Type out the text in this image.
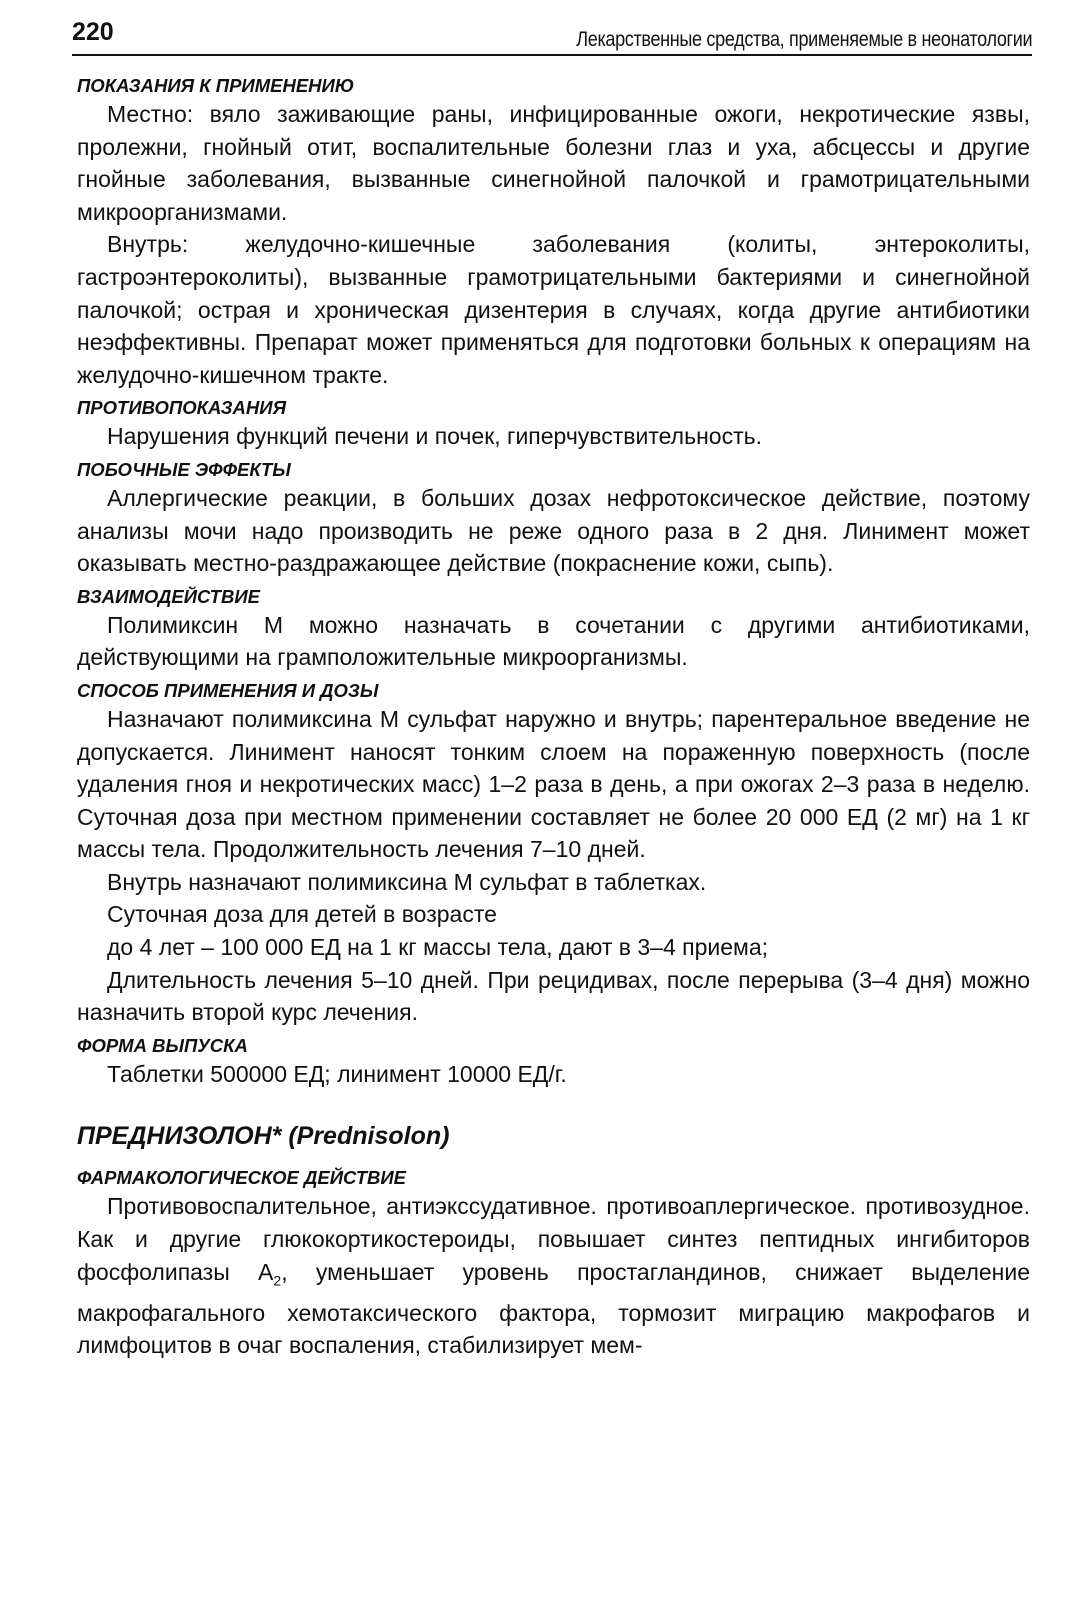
220	Лекарственные средства, применяемые в неонатологии

ПОКАЗАНИЯ К ПРИМЕНЕНИЮ

Местно: вяло заживающие раны, инфицированные ожоги, некротические язвы, пролежни, гнойный отит, воспалительные болезни глаз и уха, абсцессы и другие гнойные заболевания, вызванные синегнойной палочкой и грамотрицательными микроорганизмами.

Внутрь: желудочно-кишечные заболевания (колиты, энтероколиты, гастроэнтероколиты), вызванные грамотрицательными бактериями и синегнойной палочкой; острая и хроническая дизентерия в случаях, когда другие антибиотики неэффективны. Препарат может применяться для подготовки больных к операциям на желудочно-кишечном тракте.

ПРОТИВОПОКАЗАНИЯ

Нарушения функций печени и почек, гиперчувствительность.

ПОБОЧНЫЕ ЭФФЕКТЫ

Аллергические реакции, в больших дозах нефротоксическое действие, поэтому анализы мочи надо производить не реже одного раза в 2 дня. Линимент может оказывать местно-раздражающее действие (покраснение кожи, сыпь).

ВЗАИМОДЕЙСТВИЕ

Полимиксин М можно назначать в сочетании с другими антибиотиками, действующими на грамположительные микроорганизмы.

СПОСОБ ПРИМЕНЕНИЯ И ДОЗЫ

Назначают полимиксина М сульфат наружно и внутрь; парентеральное введение не допускается. Линимент наносят тонким слоем на пораженную поверхность (после удаления гноя и некротических масс) 1–2 раза в день, а при ожогах 2–3 раза в неделю. Суточная доза при местном применении составляет не более 20 000 ЕД (2 мг) на 1 кг массы тела. Продолжительность лечения 7–10 дней.

Внутрь назначают полимиксина М сульфат в таблетках.

Суточная доза для детей в возрасте

до 4 лет – 100 000 ЕД на 1 кг массы тела, дают в 3–4 приема;

Длительность лечения 5–10 дней. При рецидивах, после перерыва (3–4 дня) можно назначить второй курс лечения.

ФОРМА ВЫПУСКА

Таблетки 500000 ЕД; линимент 10000 ЕД/г.

ПРЕДНИЗОЛОН* (Prednisolon)

ФАРМАКОЛОГИЧЕСКОЕ ДЕЙСТВИЕ

Противовоспалительное, антиэкссудативное. противоаплергическое. противозудное. Как и другие глюкокортикостероиды, повышает синтез пептидных ингибиторов фосфолипазы $А_2$, уменьшает уровень простагландинов, снижает выделение макрофагального хемотаксического фактора, тормозит миграцию макрофагов и лимфоцитов в очаг воспаления, стабилизирует мем-
